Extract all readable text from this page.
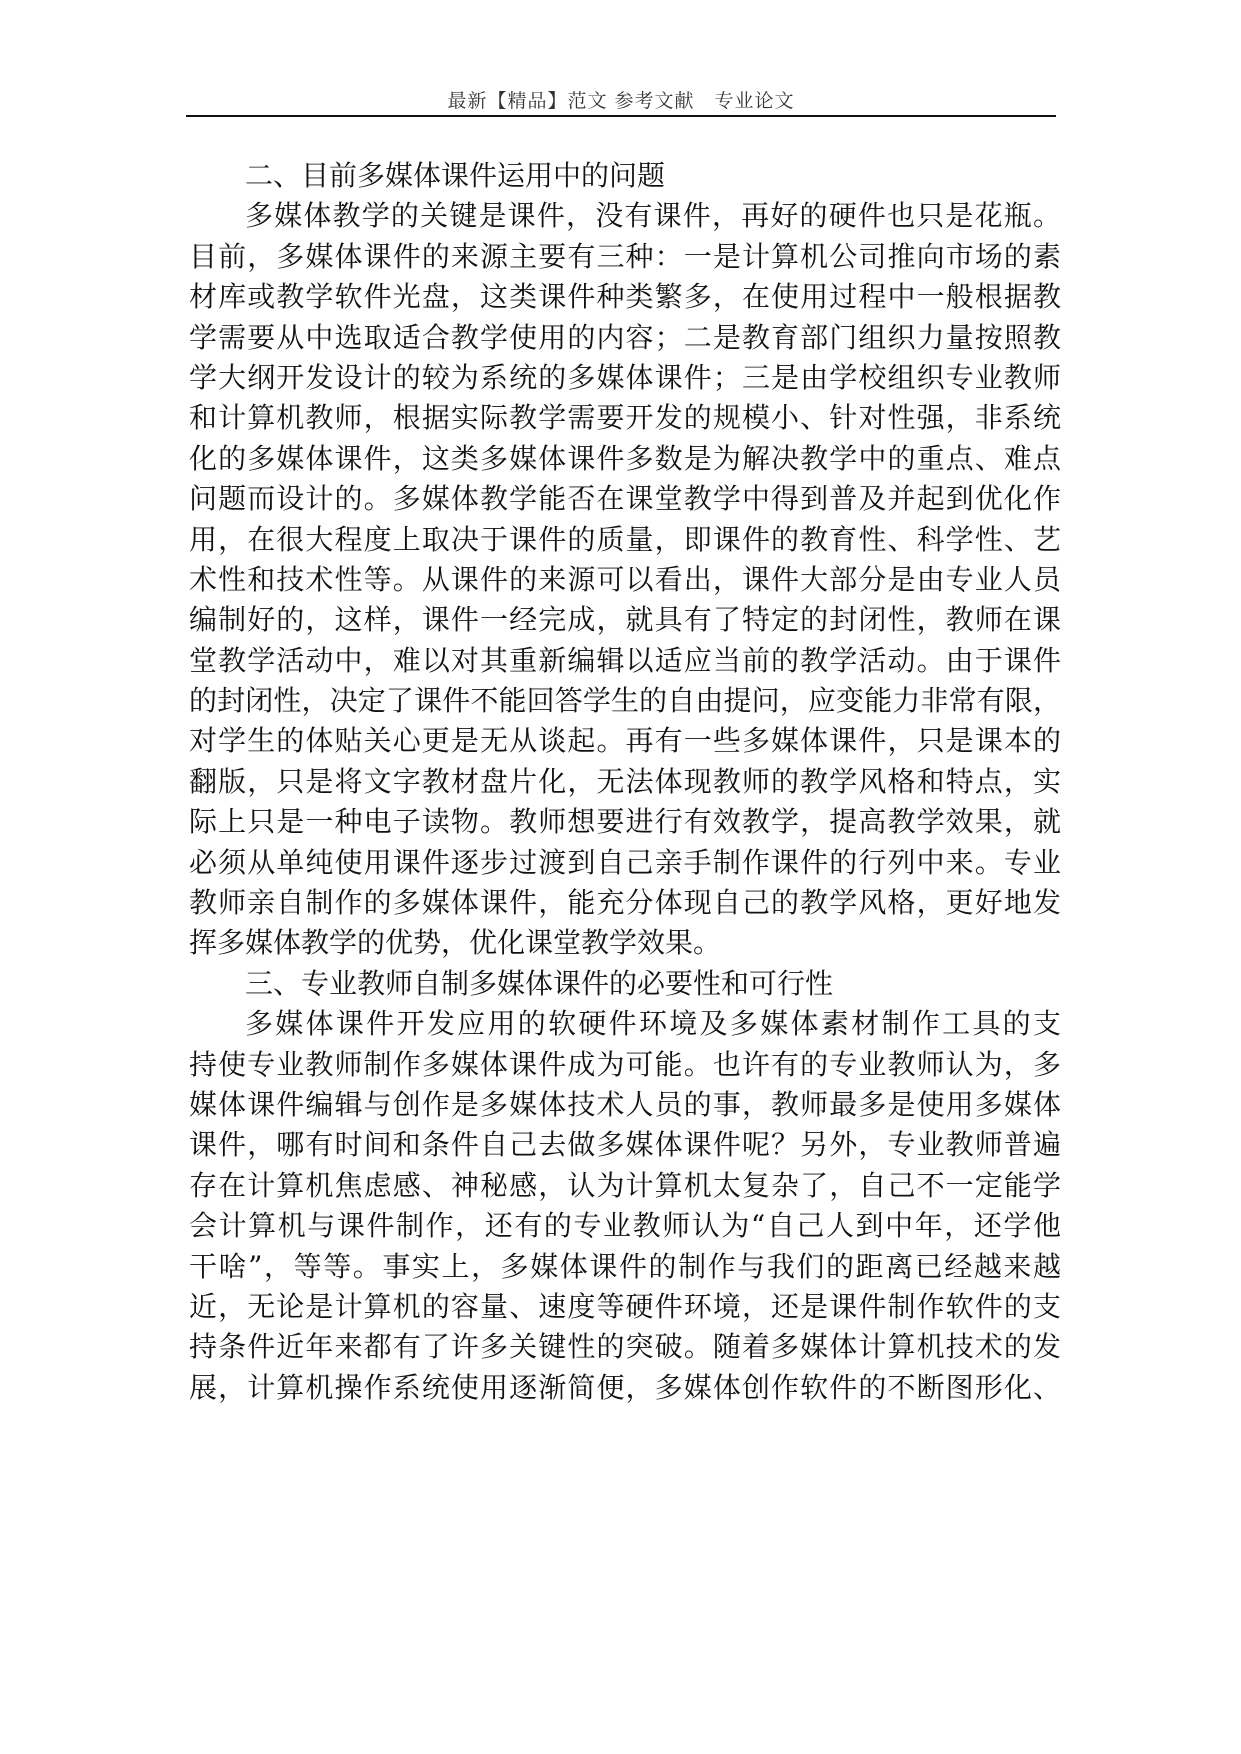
最新【精品】范文 参考文献　专业论文
二、目前多媒体课件运用中的问题
多媒体教学的关键是课件，没有课件，再好的硬件也只是花瓶。
目前，多媒体课件的来源主要有三种：一是计算机公司推向市场的素
材库或教学软件光盘，这类课件种类繁多，在使用过程中一般根据教
学需要从中选取适合教学使用的内容；二是教育部门组织力量按照教
学大纲开发设计的较为系统的多媒体课件；三是由学校组织专业教师
和计算机教师，根据实际教学需要开发的规模小、针对性强，非系统
化的多媒体课件，这类多媒体课件多数是为解决教学中的重点、难点
问题而设计的。多媒体教学能否在课堂教学中得到普及并起到优化作
用，在很大程度上取决于课件的质量，即课件的教育性、科学性、艺
术性和技术性等。从课件的来源可以看出，课件大部分是由专业人员
编制好的，这样，课件一经完成，就具有了特定的封闭性，教师在课
堂教学活动中，难以对其重新编辑以适应当前的教学活动。由于课件
的封闭性，决定了课件不能回答学生的自由提问，应变能力非常有限，
对学生的体贴关心更是无从谈起。再有一些多媒体课件，只是课本的
翻版，只是将文字教材盘片化，无法体现教师的教学风格和特点，实
际上只是一种电子读物。教师想要进行有效教学，提高教学效果，就
必须从单纯使用课件逐步过渡到自己亲手制作课件的行列中来。专业
教师亲自制作的多媒体课件，能充分体现自己的教学风格，更好地发
挥多媒体教学的优势，优化课堂教学效果。
三、专业教师自制多媒体课件的必要性和可行性
多媒体课件开发应用的软硬件环境及多媒体素材制作工具的支
持使专业教师制作多媒体课件成为可能。也许有的专业教师认为，多
媒体课件编辑与创作是多媒体技术人员的事，教师最多是使用多媒体
课件，哪有时间和条件自己去做多媒体课件呢？另外，专业教师普遍
存在计算机焦虑感、神秘感，认为计算机太复杂了，自己不一定能学
会计算机与课件制作，还有的专业教师认为“自己人到中年，还学他
干啥”，等等。事实上，多媒体课件的制作与我们的距离已经越来越
近，无论是计算机的容量、速度等硬件环境，还是课件制作软件的支
持条件近年来都有了许多关键性的突破。随着多媒体计算机技术的发
展，计算机操作系统使用逐渐简便，多媒体创作软件的不断图形化、
